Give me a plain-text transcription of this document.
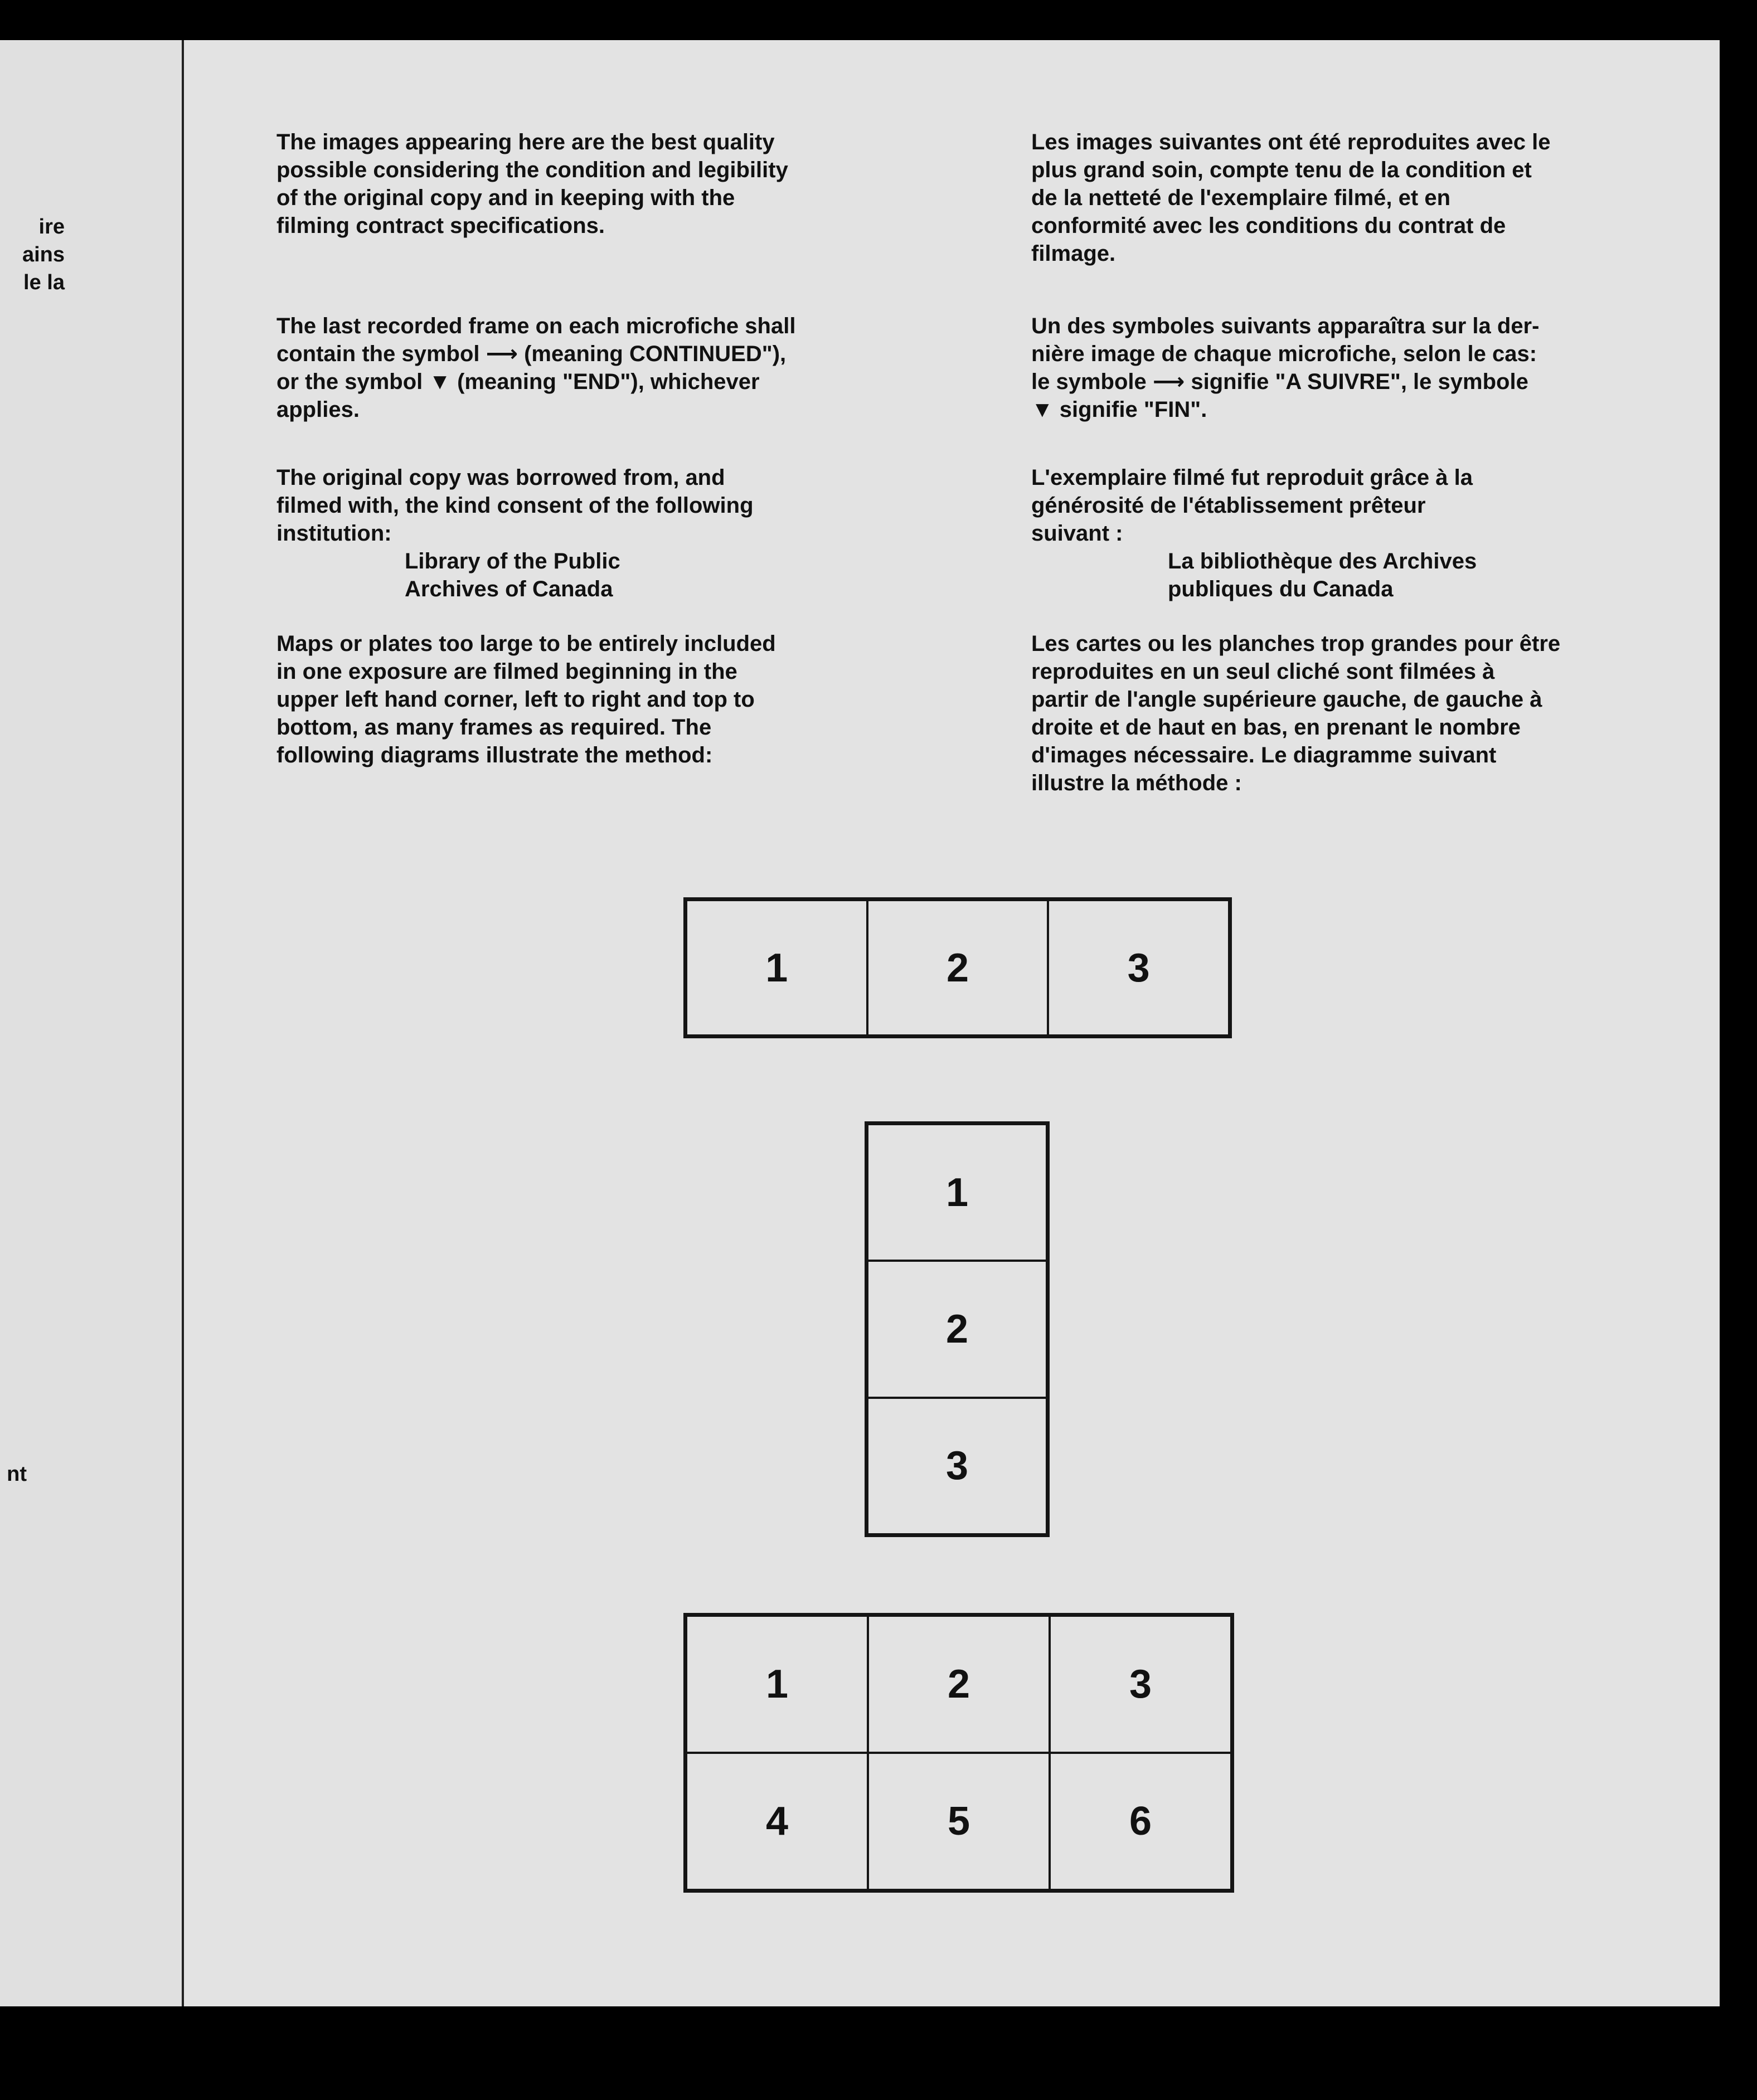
ire
ains
le la
nt

The images appearing here are the best quality
possible considering the condition and legibility
of the original copy and in keeping with the
filming contract specifications.

The last recorded frame on each microfiche shall
contain the symbol ⟶ (meaning CONTINUED"),
or the symbol ▼ (meaning "END"), whichever
applies.

The original copy was borrowed from, and
filmed with, the kind consent of the following
institution:

Library of the Public
Archives of Canada

Maps or plates too large to be entirely included
in one exposure are filmed beginning in the
upper left hand corner, left to right and top to
bottom, as many frames as required. The
following diagrams illustrate the method:

Les images suivantes ont été reproduites avec le
plus grand soin, compte tenu de la condition et
de la netteté de l'exemplaire filmé, et en
conformité avec les conditions du contrat de
filmage.

Un des symboles suivants apparaîtra sur la der-
nière image de chaque microfiche, selon le cas:
le symbole ⟶ signifie "A SUIVRE", le symbole
▼ signifie "FIN".

L'exemplaire filmé fut reproduit grâce à la
générosité de l'établissement prêteur
suivant :

La bibliothèque des Archives
publiques du Canada

Les cartes ou les planches trop grandes pour être
reproduites en un seul cliché sont filmées à
partir de l'angle supérieure gauche, de gauche à
droite et de haut en bas, en prenant le nombre
d'images nécessaire. Le diagramme suivant
illustre la méthode :

1	2	3
1
2
3
1	2	3
4	5	6
